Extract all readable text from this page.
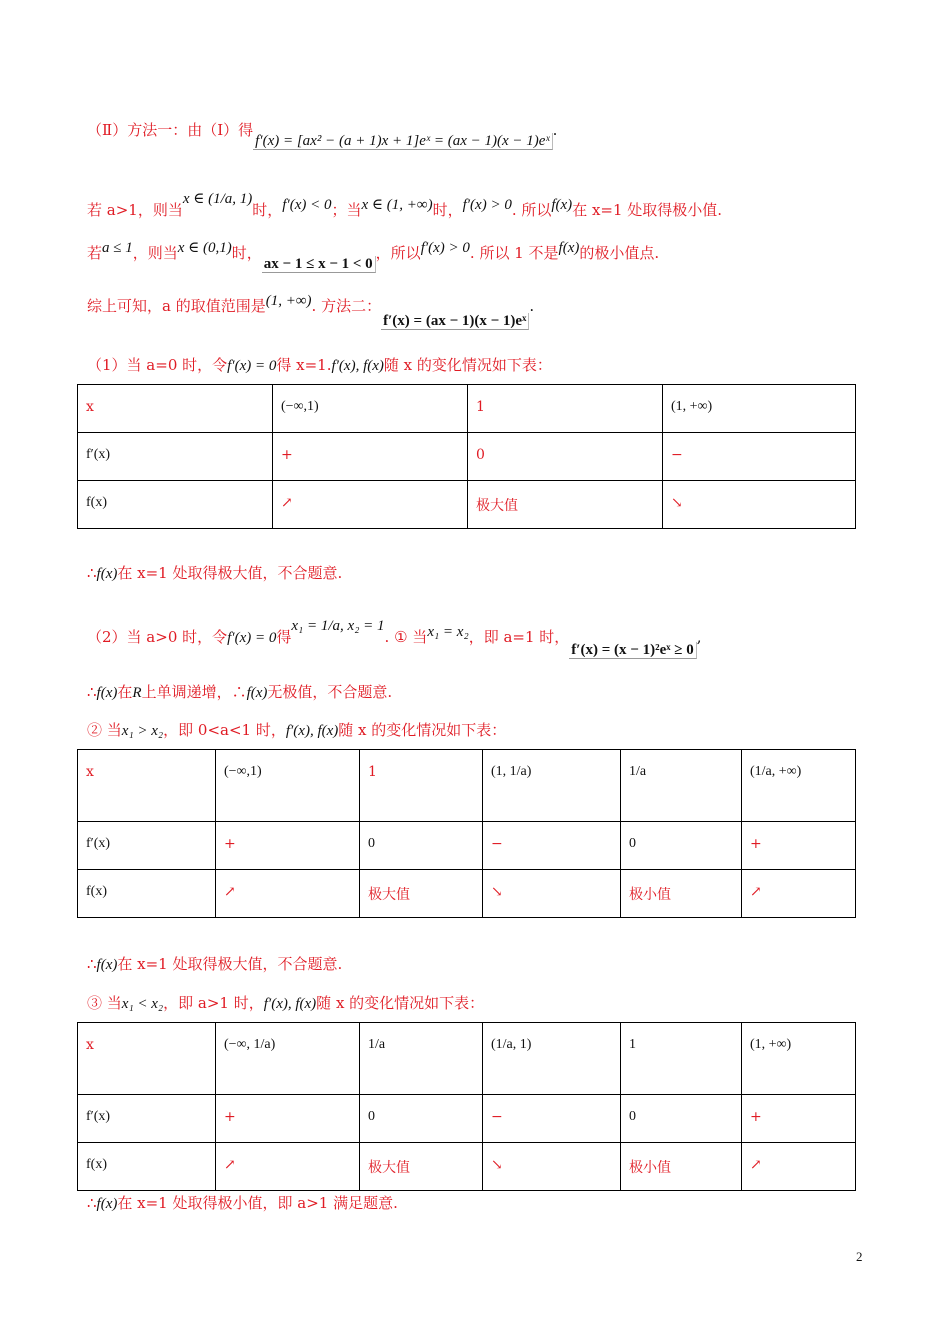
（Ⅱ）方法一：由（Ⅰ）得f′(x) = [ax² − (a + 1)x + 1]eˣ = (ax − 1)(x − 1)eˣ.
若 a>1，则当x ∈ (1/a, 1)时，f′(x) < 0；当x ∈ (1, +∞)时，f′(x) > 0. 所以f(x)在 x=1 处取得极小值.
若a ≤ 1，则当x ∈ (0,1)时，ax − 1 ≤ x − 1 < 0，所以f′(x) > 0. 所以 1 不是f(x)的极小值点.
综上可知，a 的取值范围是(1, +∞). 方法二：f′(x) = (ax − 1)(x − 1)eˣ.
（1）当 a=0 时，令f′(x) = 0得 x=1.f′(x), f(x)随 x 的变化情况如下表：
x	(−∞,1)	1	(1, +∞)
f′(x)	+	0	−
f(x)	↗	极大值	↘
∴f(x)在 x=1 处取得极大值，不合题意.
（2）当 a>0 时，令f′(x) = 0得x₁ = 1/a, x₂ = 1. ① 当x₁ = x₂，即 a=1 时，f′(x) = (x − 1)²eˣ ≥ 0,
∴f(x)在R上单调递增，∴f(x)无极值，不合题意.
② 当x₁ > x₂，即 0<a<1 时，f′(x), f(x)随 x 的变化情况如下表：
x	(−∞,1)	1	(1, 1/a)	1/a	(1/a, +∞)
f′(x)	+	0	−	0	+
f(x)	↗	极大值	↘	极小值	↗
∴f(x)在 x=1 处取得极大值，不合题意.
③ 当x₁ < x₂，即 a>1 时，f′(x), f(x)随 x 的变化情况如下表：
x	(−∞, 1/a)	1/a	(1/a, 1)	1	(1, +∞)
f′(x)	+	0	−	0	+
f(x)	↗	极大值	↘	极小值	↗
∴f(x)在 x=1 处取得极小值，即 a>1 满足题意.
2
